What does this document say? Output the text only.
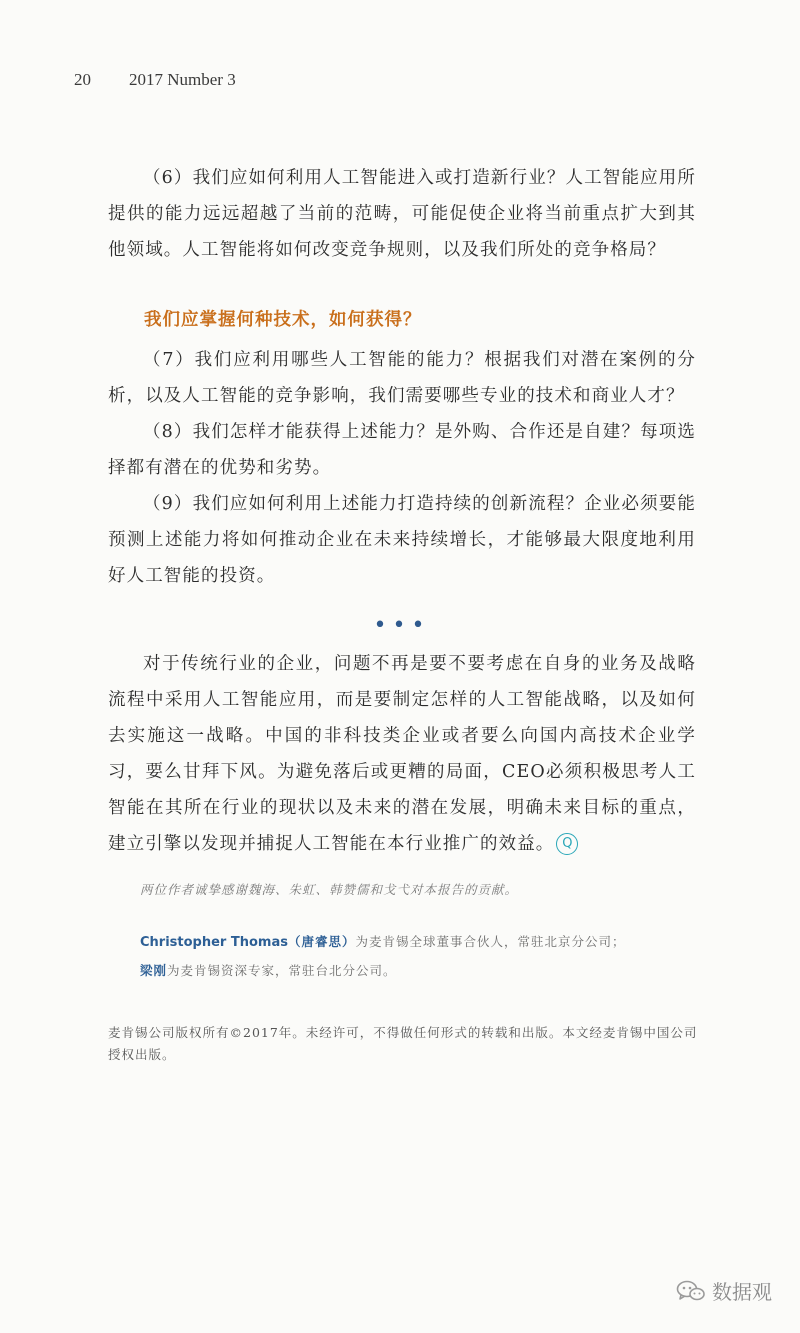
20 2017 Number 3

（6）我们应如何利用人工智能进入或打造新行业？人工智能应用所提供的能力远远超越了当前的范畴，可能促使企业将当前重点扩大到其他领域。人工智能将如何改变竞争规则，以及我们所处的竞争格局？

我们应掌握何种技术，如何获得？

（7）我们应利用哪些人工智能的能力？根据我们对潜在案例的分析，以及人工智能的竞争影响，我们需要哪些专业的技术和商业人才？

（8）我们怎样才能获得上述能力？是外购、合作还是自建？每项选择都有潜在的优势和劣势。

（9）我们应如何利用上述能力打造持续的创新流程？企业必须要能预测上述能力将如何推动企业在未来持续增长，才能够最大限度地利用好人工智能的投资。

•••

对于传统行业的企业，问题不再是要不要考虑在自身的业务及战略流程中采用人工智能应用，而是要制定怎样的人工智能战略，以及如何去实施这一战略。中国的非科技类企业或者要么向国内高技术企业学习，要么甘拜下风。为避免落后或更糟的局面，CEO必须积极思考人工智能在其所在行业的现状以及未来的潜在发展，明确未来目标的重点，建立引擎以发现并捕捉人工智能在本行业推广的效益。 Q

两位作者诚挚感谢魏海、朱虹、韩赞儒和戈弋对本报告的贡献。
Christopher Thomas（唐睿思）为麦肯锡全球董事合伙人，常驻北京分公司；
梁刚为麦肯锡资深专家，常驻台北分公司。
麦肯锡公司版权所有©2017年。未经许可，不得做任何形式的转载和出版。本文经麦肯锡中国公司授权出版。
数据观
